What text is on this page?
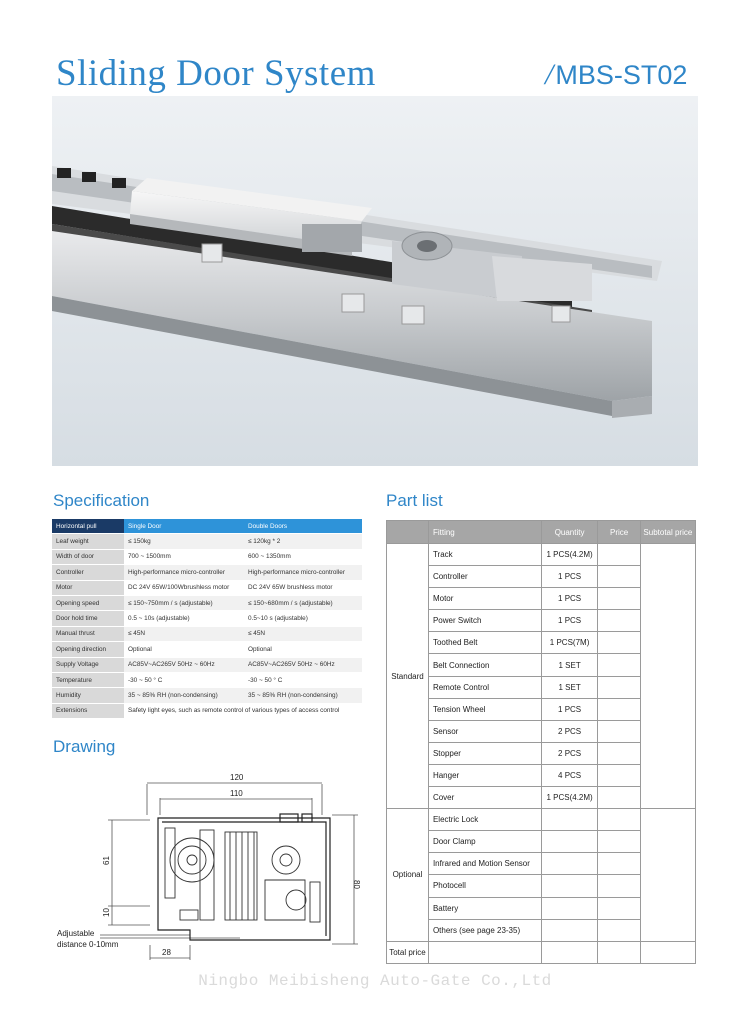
Sliding Door System	/MBS-ST02
Specification
Horizontal pull	Single Door	Double Doors
Leaf weight	≤ 150kg	≤ 120kg * 2
Width of door	700 ~ 1500mm	600 ~ 1350mm
Controller	High-performance micro-controller	High-performance micro-controller
Motor	DC 24V 65W/100Wbrushless motor	DC 24V 65W brushless motor
Opening speed	≤ 150~750mm / s (adjustable)	≤ 150~680mm / s (adjustable)
Door hold time	0.5 ~ 10s (adjustable)	0.5~10 s (adjustable)
Manual thrust	≤ 45N	≤ 45N
Opening direction	Optional	Optional
Supply Voltage	AC85V~AC265V 50Hz ~ 60Hz	AC85V~AC265V 50Hz ~ 60Hz
Temperature	-30 ~ 50 ° C	-30 ~ 50 ° C
Humidity	35 ~ 85% RH (non-condensing)	35 ~ 85% RH (non-condensing)
Extensions	Safety light eyes, such as remote control of various types of access control	
Drawing
120
110
80
61
10
28
Adjustable
distance 0-10mm
Part list
	Fitting	Quantity	Price	Subtotal price
Standard	Track	1 PCS(4.2M)		
	Controller	1 PCS		
	Motor	1 PCS		
	Power Switch	1 PCS		
	Toothed Belt	1 PCS(7M)		
	Belt Connection	1 SET		
	Remote Control	1 SET		
	Tension Wheel	1 PCS		
	Sensor	2 PCS		
	Stopper	2 PCS		
	Hanger	4 PCS		
	Cover	1 PCS(4.2M)		
Optional	Electric Lock			
	Door Clamp			
	Infrared and Motion Sensor			
	Photocell			
	Battery			
	Others (see page 23-35)			
Total price				
Ningbo Meibisheng Auto-Gate Co.,Ltd
